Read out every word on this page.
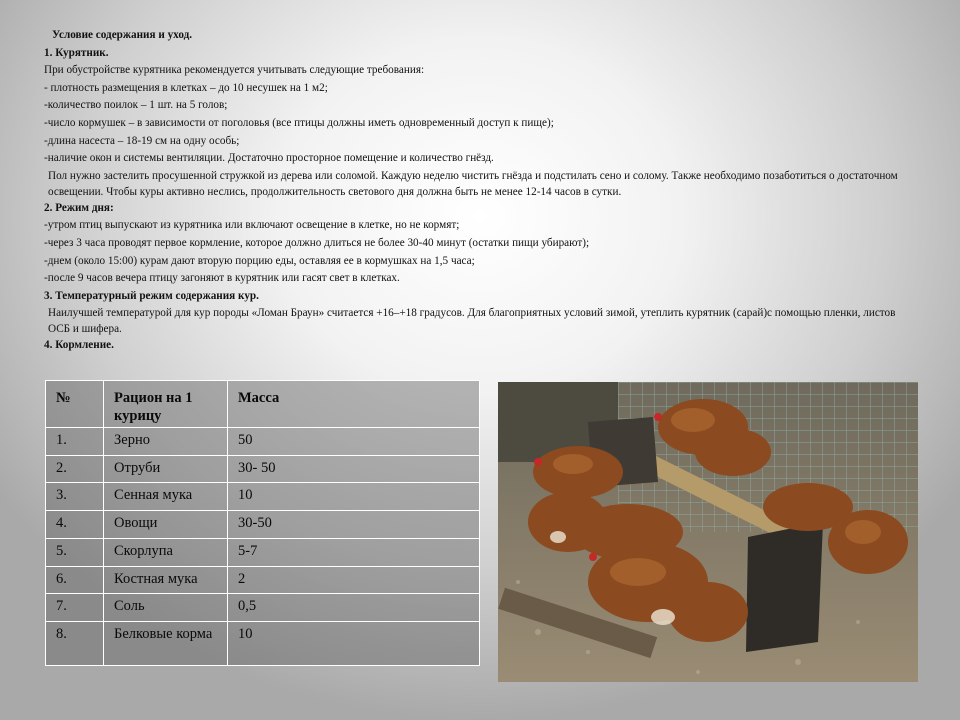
Условие содержания и уход.

1. Курятник.

При обустройстве курятника рекомендуется учитывать следующие требования:

- плотность размещения в клетках – до 10 несушек на 1 м2;

-количество поилок – 1 шт. на 5 голов;

-число кормушек – в зависимости от поголовья (все птицы должны иметь одновременный доступ к пище);

-длина насеста – 18-19 см на одну особь;

-наличие окон и системы вентиляции. Достаточно просторное помещение и количество гнёзд.

Пол нужно застелить просушенной стружкой из дерева или соломой. Каждую неделю чистить гнёзда и подстилать сено и солому. Также необходимо позаботиться о достаточном освещении. Чтобы куры активно неслись, продолжительность светового дня должна быть не менее 12-14 часов в сутки.

2. Режим дня:

-утром птиц выпускают из курятника или включают освещение в клетке, но не кормят;

-через 3 часа проводят первое кормление, которое должно длиться не более 30-40 минут (остатки пищи убирают);

-днем (около 15:00) курам дают вторую порцию еды, оставляя ее в кормушках на 1,5 часа;

-после 9 часов вечера птицу загоняют в курятник или гасят свет в клетках.

3. Температурный режим содержания кур.

Наилучшей температурой для кур породы «Ломан Браун» считается +16–+18 градусов. Для благоприятных условий зимой, утеплить курятник (сарай)с помощью пленки, листов ОСБ и шифера.

4. Кормление.

№	Рацион на 1 курицу	Масса
1.	Зерно	50
2.	Отруби	30- 50
3.	Сенная мука	10
4.	Овощи	30-50
5.	Скорлупа	5-7
6.	Костная мука	2
7.	Соль	0,5
8.	Белковые корма	10
